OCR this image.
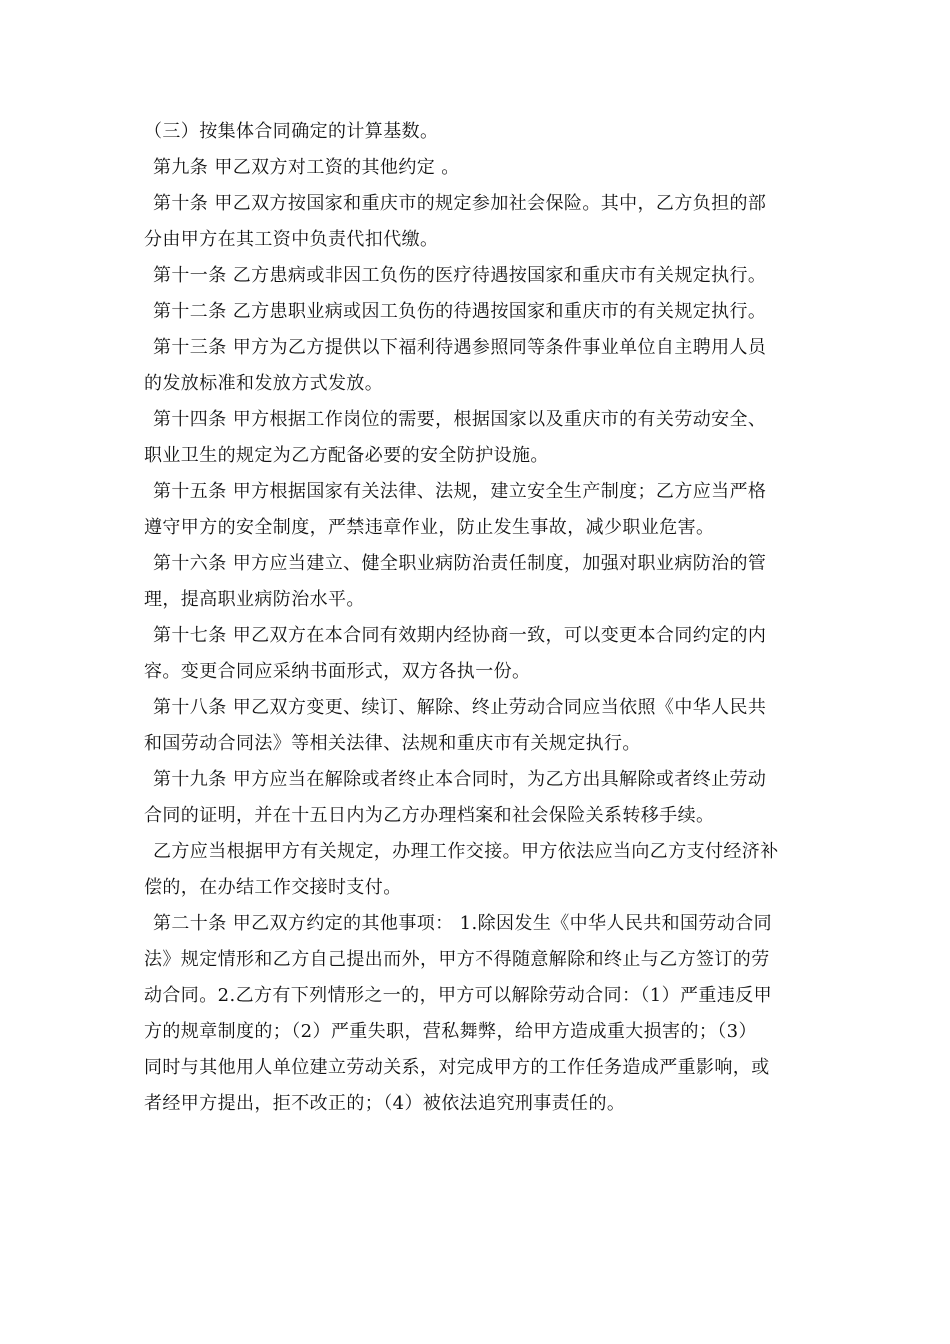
（三）按集体合同确定的计算基数。

第九条 甲乙双方对工资的其他约定 。

第十条 甲乙双方按国家和重庆市的规定参加社会保险。其中，乙方负担的部
分由甲方在其工资中负责代扣代缴。

第十一条 乙方患病或非因工负伤的医疗待遇按国家和重庆市有关规定执行。

第十二条 乙方患职业病或因工负伤的待遇按国家和重庆市的有关规定执行。

第十三条 甲方为乙方提供以下福利待遇参照同等条件事业单位自主聘用人员
的发放标准和发放方式发放。

第十四条 甲方根据工作岗位的需要，根据国家以及重庆市的有关劳动安全、
职业卫生的规定为乙方配备必要的安全防护设施。

第十五条 甲方根据国家有关法律、法规，建立安全生产制度；乙方应当严格
遵守甲方的安全制度，严禁违章作业，防止发生事故，减少职业危害。

第十六条 甲方应当建立、健全职业病防治责任制度，加强对职业病防治的管
理，提高职业病防治水平。

第十七条 甲乙双方在本合同有效期内经协商一致，可以变更本合同约定的内
容。变更合同应采纳书面形式，双方各执一份。

第十八条 甲乙双方变更、续订、解除、终止劳动合同应当依照《中华人民共
和国劳动合同法》等相关法律、法规和重庆市有关规定执行。

第十九条 甲方应当在解除或者终止本合同时，为乙方出具解除或者终止劳动
合同的证明，并在十五日内为乙方办理档案和社会保险关系转移手续。

乙方应当根据甲方有关规定，办理工作交接。甲方依法应当向乙方支付经济补
偿的，在办结工作交接时支付。

第二十条 甲乙双方约定的其他事项： 1.除因发生《中华人民共和国劳动合同
法》规定情形和乙方自己提出而外，甲方不得随意解除和终止与乙方签订的劳
动合同。2.乙方有下列情形之一的，甲方可以解除劳动合同：（1）严重违反甲
方的规章制度的；（2）严重失职，营私舞弊，给甲方造成重大损害的；（3）
同时与其他用人单位建立劳动关系，对完成甲方的工作任务造成严重影响，或
者经甲方提出，拒不改正的；（4）被依法追究刑事责任的。
